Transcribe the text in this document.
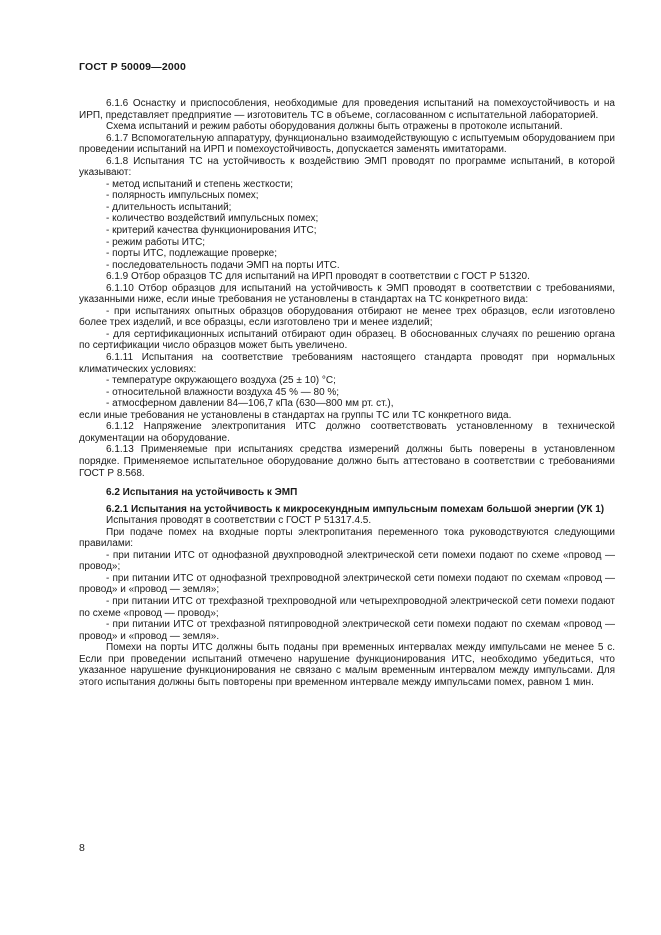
ГОСТ Р 50009—2000

6.1.6 Оснастку и приспособления, необходимые для проведения испытаний на помехоустойчивость и на ИРП, представляет предприятие — изготовитель ТС в объеме, согласованном с испытательной лабораторией.

Схема испытаний и режим работы оборудования должны быть отражены в протоколе испытаний.

6.1.7 Вспомогательную аппаратуру, функционально взаимодействующую с испытуемым оборудованием при проведении испытаний на ИРП и помехоустойчивость, допускается заменять имитаторами.

6.1.8 Испытания ТС на устойчивость к воздействию ЭМП проводят по программе испытаний, в которой указывают:

- метод испытаний и степень жесткости;

- полярность импульсных помех;

- длительность испытаний;

- количество воздействий импульсных помех;

- критерий качества функционирования ИТС;

- режим работы ИТС;

- порты ИТС, подлежащие проверке;

- последовательность подачи ЭМП на порты ИТС.

6.1.9 Отбор образцов ТС для испытаний на ИРП проводят в соответствии с ГОСТ Р 51320.

6.1.10 Отбор образцов для испытаний на устойчивость к ЭМП проводят в соответствии с требованиями, указанными ниже, если иные требования не установлены в стандартах на ТС конкретного вида:

- при испытаниях опытных образцов оборудования отбирают не менее трех образцов, если изготовлено более трех изделий, и все образцы, если изготовлено три и менее изделий;

- для сертификационных испытаний отбирают один образец. В обоснованных случаях по решению органа по сертификации число образцов может быть увеличено.

6.1.11 Испытания на соответствие требованиям настоящего стандарта проводят при нормальных климатических условиях:

- температуре окружающего воздуха (25 ± 10) °С;

- относительной влажности воздуха 45 % — 80 %;

- атмосферном давлении 84—106,7 кПа (630—800 мм рт. ст.),

если иные требования не установлены в стандартах на группы ТС или ТС конкретного вида.

6.1.12 Напряжение электропитания ИТС должно соответствовать установленному в технической документации на оборудование.

6.1.13 Применяемые при испытаниях средства измерений должны быть поверены в установленном порядке. Применяемое испытательное оборудование должно быть аттестовано в соответствии с требованиями ГОСТ Р 8.568.

6.2 Испытания на устойчивость к ЭМП

6.2.1 Испытания на устойчивость к микросекундным импульсным помехам большой энергии (УК 1)

Испытания проводят в соответствии с ГОСТ Р 51317.4.5.

При подаче помех на входные порты электропитания переменного тока руководствуются следующими правилами:

- при питании ИТС от однофазной двухпроводной электрической сети помехи подают по схеме «провод — провод»;

- при питании ИТС от однофазной трехпроводной электрической сети помехи подают по схемам «провод — провод» и «провод — земля»;

- при питании ИТС от трехфазной трехпроводной или четырехпроводной электрической сети помехи подают по схеме «провод — провод»;

- при питании ИТС от трехфазной пятипроводной электрической сети помехи подают по схемам «провод — провод» и «провод — земля».

Помехи на порты ИТС должны быть поданы при временных интервалах между импульсами не менее 5 с. Если при проведении испытаний отмечено нарушение функционирования ИТС, необходимо убедиться, что указанное нарушение функционирования не связано с малым временным интервалом между импульсами. Для этого испытания должны быть повторены при временном интервале между импульсами помех, равном 1 мин.

8
